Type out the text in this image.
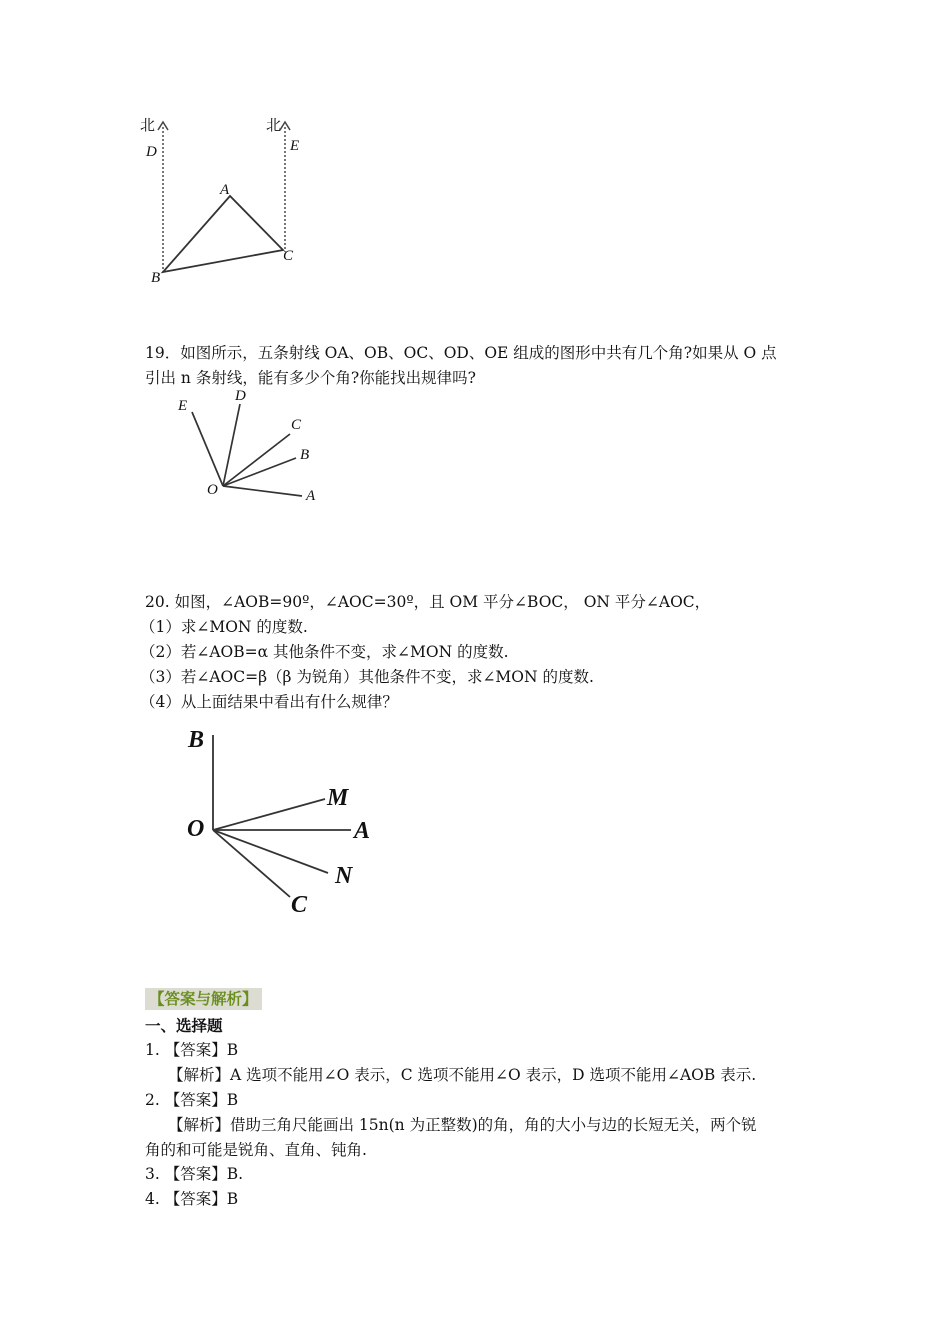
北	北
D	E
A
B
C
19．如图所示，五条射线 OA、OB、OC、OD、OE 组成的图形中共有几个角?如果从 O 点
引出 n 条射线，能有多少个角?你能找出规律吗?
E
D
C
B
O	A
20. 如图，∠AOB=90º，∠AOC=30º，且 OM 平分∠BOC， ON 平分∠AOC，
（1）求∠MON 的度数.
（2）若∠AOB=α 其他条件不变，求∠MON 的度数.
（3）若∠AOC=β（β 为锐角）其他条件不变，求∠MON 的度数.
（4）从上面结果中看出有什么规律？
B
M
O	A
N
C
【答案与解析】
一、选择题
1. 【答案】B
【解析】A 选项不能用∠O 表示，C 选项不能用∠O 表示，D 选项不能用∠AOB 表示.
2. 【答案】B
【解析】借助三角尺能画出 15n(n 为正整数)的角，角的大小与边的长短无关，两个锐
角的和可能是锐角、直角、钝角.
3. 【答案】B.
4. 【答案】B
